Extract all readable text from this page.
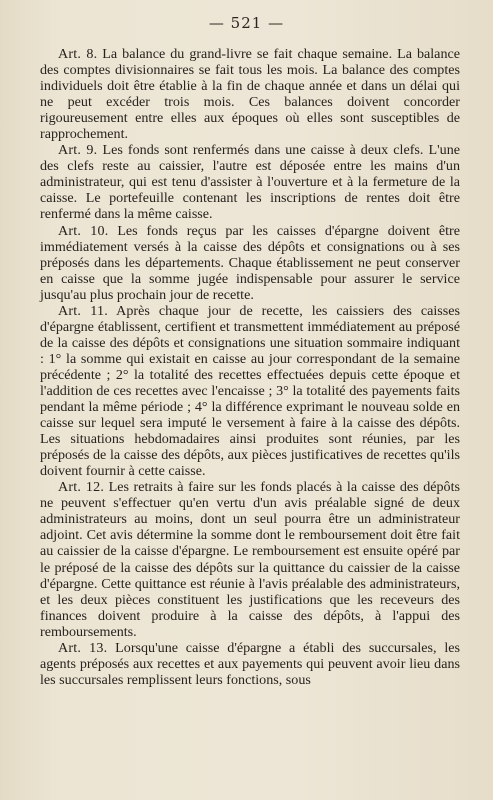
— 521 —

Art. 8. La balance du grand-livre se fait chaque semaine. La balance des comptes divisionnaires se fait tous les mois. La balance des comptes individuels doit être établie à la fin de chaque année et dans un délai qui ne peut excéder trois mois. Ces balances doivent concorder rigoureusement entre elles aux époques où elles sont susceptibles de rapprochement.

Art. 9. Les fonds sont renfermés dans une caisse à deux clefs. L'une des clefs reste au caissier, l'autre est déposée entre les mains d'un administrateur, qui est tenu d'assister à l'ouverture et à la fermeture de la caisse. Le portefeuille contenant les inscriptions de rentes doit être renfermé dans la même caisse.

Art. 10. Les fonds reçus par les caisses d'épargne doivent être immédiatement versés à la caisse des dépôts et consignations ou à ses préposés dans les départements. Chaque établissement ne peut conserver en caisse que la somme jugée indispensable pour assurer le service jusqu'au plus prochain jour de recette.

Art. 11. Après chaque jour de recette, les caissiers des caisses d'épargne établissent, certifient et transmettent immédiatement au préposé de la caisse des dépôts et consignations une situation sommaire indiquant : 1° la somme qui existait en caisse au jour correspondant de la semaine précédente ; 2° la totalité des recettes effectuées depuis cette époque et l'addition de ces recettes avec l'encaisse ; 3° la totalité des payements faits pendant la même période ; 4° la différence exprimant le nouveau solde en caisse sur lequel sera imputé le versement à faire à la caisse des dépôts. Les situations hebdomadaires ainsi produites sont réunies, par les préposés de la caisse des dépôts, aux pièces justificatives de recettes qu'ils doivent fournir à cette caisse.

Art. 12. Les retraits à faire sur les fonds placés à la caisse des dépôts ne peuvent s'effectuer qu'en vertu d'un avis préalable signé de deux administrateurs au moins, dont un seul pourra être un administrateur adjoint. Cet avis détermine la somme dont le remboursement doit être fait au caissier de la caisse d'épargne. Le remboursement est ensuite opéré par le préposé de la caisse des dépôts sur la quittance du caissier de la caisse d'épargne. Cette quittance est réunie à l'avis préalable des administrateurs, et les deux pièces constituent les justifications que les receveurs des finances doivent produire à la caisse des dépôts, à l'appui des remboursements.

Art. 13. Lorsqu'une caisse d'épargne a établi des succursales, les agents préposés aux recettes et aux payements qui peuvent avoir lieu dans les succursales remplissent leurs fonctions, sous
